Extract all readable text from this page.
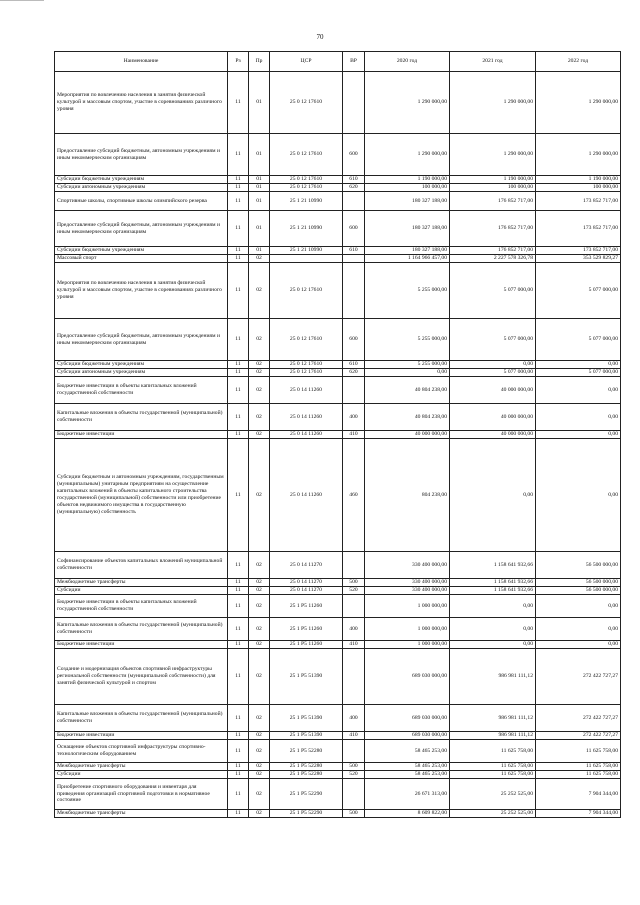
70
Наименование	Рз	Пр	ЦСР	ВР	2020 год	2021 год	2022 год
Мероприятия по вовлечению населения в занятия физической культурой и массовым спортом, участие в соревнованиях различного уровня	11	01	25 0 12 17610		1 290 000,00	1 290 000,00	1 290 000,00
Предоставление субсидий бюджетным, автономным учреждениям и иным некоммерческим организациям	11	01	25 0 12 17610	600	1 290 000,00	1 290 000,00	1 290 000,00
Субсидии бюджетным учреждениям	11	01	25 0 12 17610	610	1 190 000,00	1 190 000,00	1 190 000,00
Субсидии автономным учреждениям	11	01	25 0 12 17610	620	100 000,00	100 000,00	100 000,00
Спортивные школы, спортивные школы олимпийского резерва	11	01	25 1 21 10990		180 327 188,00	176 852 717,00	173 852 717,00
Предоставление субсидий бюджетным, автономным учреждениям и иным некоммерческим организациям	11	01	25 1 21 10990	600	180 327 188,00	176 852 717,00	173 852 717,00
Субсидии бюджетным учреждениям	11	01	25 1 21 10990	610	180 327 188,00	176 852 717,00	173 852 717,00
Массовый спорт	11	02			1 164 966 457,00	2 227 578 326,78	353 529 829,27
Мероприятия по вовлечению населения в занятия физической культурой и массовым спортом, участие в соревнованиях различного уровня	11	02	25 0 12 17610		5 255 000,00	5 077 000,00	5 077 000,00
Предоставление субсидий бюджетным, автономным учреждениям и иным некоммерческим организациям	11	02	25 0 12 17610	600	5 255 000,00	5 077 000,00	5 077 000,00
Субсидии бюджетным учреждениям	11	02	25 0 12 17610	610	5 255 000,00	0,00	0,00
Субсидии автономным учреждениям	11	02	25 0 12 17610	620	0,00	5 077 000,00	5 077 000,00
Бюджетные инвестиции в объекты капитальных вложений государственной собственности	11	02	25 0 14 11260		40 804 238,00	40 000 000,00	0,00
Капитальные вложения в объекты государственной (муниципальной) собственности	11	02	25 0 14 11260	400	40 804 238,00	40 000 000,00	0,00
Бюджетные инвестиции	11	02	25 0 14 11260	410	40 000 000,00	40 000 000,00	0,00
Субсидии бюджетным и автономным учреждениям, государственным (муниципальным) унитарным предприятиям на осуществление капитальных вложений в объекты капитального строительства государственной (муниципальной) собственности или приобретение объектов недвижимого имущества в государственную (муниципальную) собственность	11	02	25 0 14 11260	460	804 238,00	0,00	0,00
Софинансирование объектов капитальных вложений муниципальной собственности	11	02	25 0 14 11270		330 400 000,00	1 158 641 932,66	56 500 000,00
Межбюджетные трансферты	11	02	25 0 14 11270	500	330 400 000,00	1 158 641 932,66	56 500 000,00
Субсидии	11	02	25 0 14 11270	520	330 400 000,00	1 158 641 932,66	56 500 000,00
Бюджетные инвестиции в объекты капитальных вложений государственной собственности	11	02	25 1 P5 11260		1 000 000,00	0,00	0,00
Капитальные вложения в объекты государственной (муниципальной) собственности	11	02	25 1 P5 11260	400	1 000 000,00	0,00	0,00
Бюджетные инвестиции	11	02	25 1 P5 11260	410	1 000 000,00	0,00	0,00
Создание и модернизация объектов спортивной инфраструктуры региональной собственности (муниципальной собственности) для занятий физической культурой и спортом	11	02	25 1 P5 51390		689 030 000,00	986 981 111,12	272 422 727,27
Капитальные вложения в объекты государственной (муниципальной) собственности	11	02	25 1 P5 51390	400	689 030 000,00	986 981 111,12	272 422 727,27
Бюджетные инвестиции	11	02	25 1 P5 51390	410	689 030 000,00	986 981 111,12	272 422 727,27
Оснащение объектов спортивной инфраструктуры спортивно-технологическим оборудованием	11	02	25 1 P5 52280		58 465 253,00	11 625 758,00	11 625 758,00
Межбюджетные трансферты	11	02	25 1 P5 52280	500	58 465 253,00	11 625 758,00	11 625 758,00
Субсидии	11	02	25 1 P5 52280	520	58 465 253,00	11 625 758,00	11 625 758,00
Приобретение спортивного оборудования и инвентаря для приведения организаций спортивной подготовки в нормативное состояние	11	02	25 1 P5 52290		26 671 313,00	25 252 525,00	7 904 344,00
Межбюджетные трансферты	11	02	25 1 P5 52290	500	8 609 822,00	25 252 525,00	7 904 344,00
